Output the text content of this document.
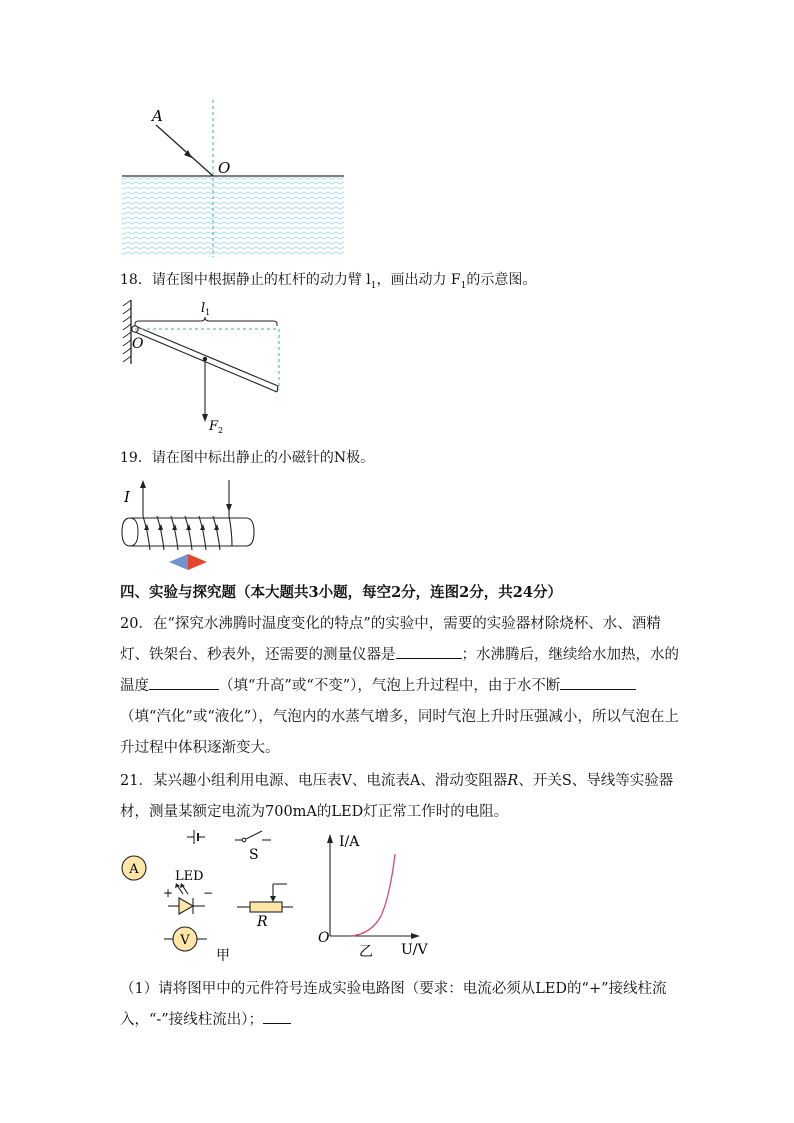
A
O
18．请在图中根据静止的杠杆的动力臂 $l_1$，画出动力 $F_1$的示意图。
$l_1$
O
$F_2$
19．请在图中标出静止的小磁针的N极。
I
四、实验与探究题（本大题共3小题，每空2分，连图2分，共24分）
20．在“探究水沸腾时温度变化的特点”的实验中，需要的实验器材除烧杯、水、酒精灯、铁架台、秒表外，还需要的测量仪器是	；水沸腾后，继续给水加热，水的温度	（填“升高”或“不变”），气泡上升过程中，由于水不断（填“汽化”或“液化”），气泡内的水蒸气增多，同时气泡上升时压强减小，所以气泡在上升过程中体积逐渐变大。
21．某兴趣小组利用电源、电压表V、电流表A、滑动变阻器R、开关S、导线等实验器材，测量某额定电流为700mA的LED灯正常工作时的电阻。
S
A	LED
+ −
R
V
甲
I/A
U/V
O
乙
（1）请将图甲中的元件符号连成实验电路图（要求：电流必须从LED的“+”接线柱流入，“-”接线柱流出）；
